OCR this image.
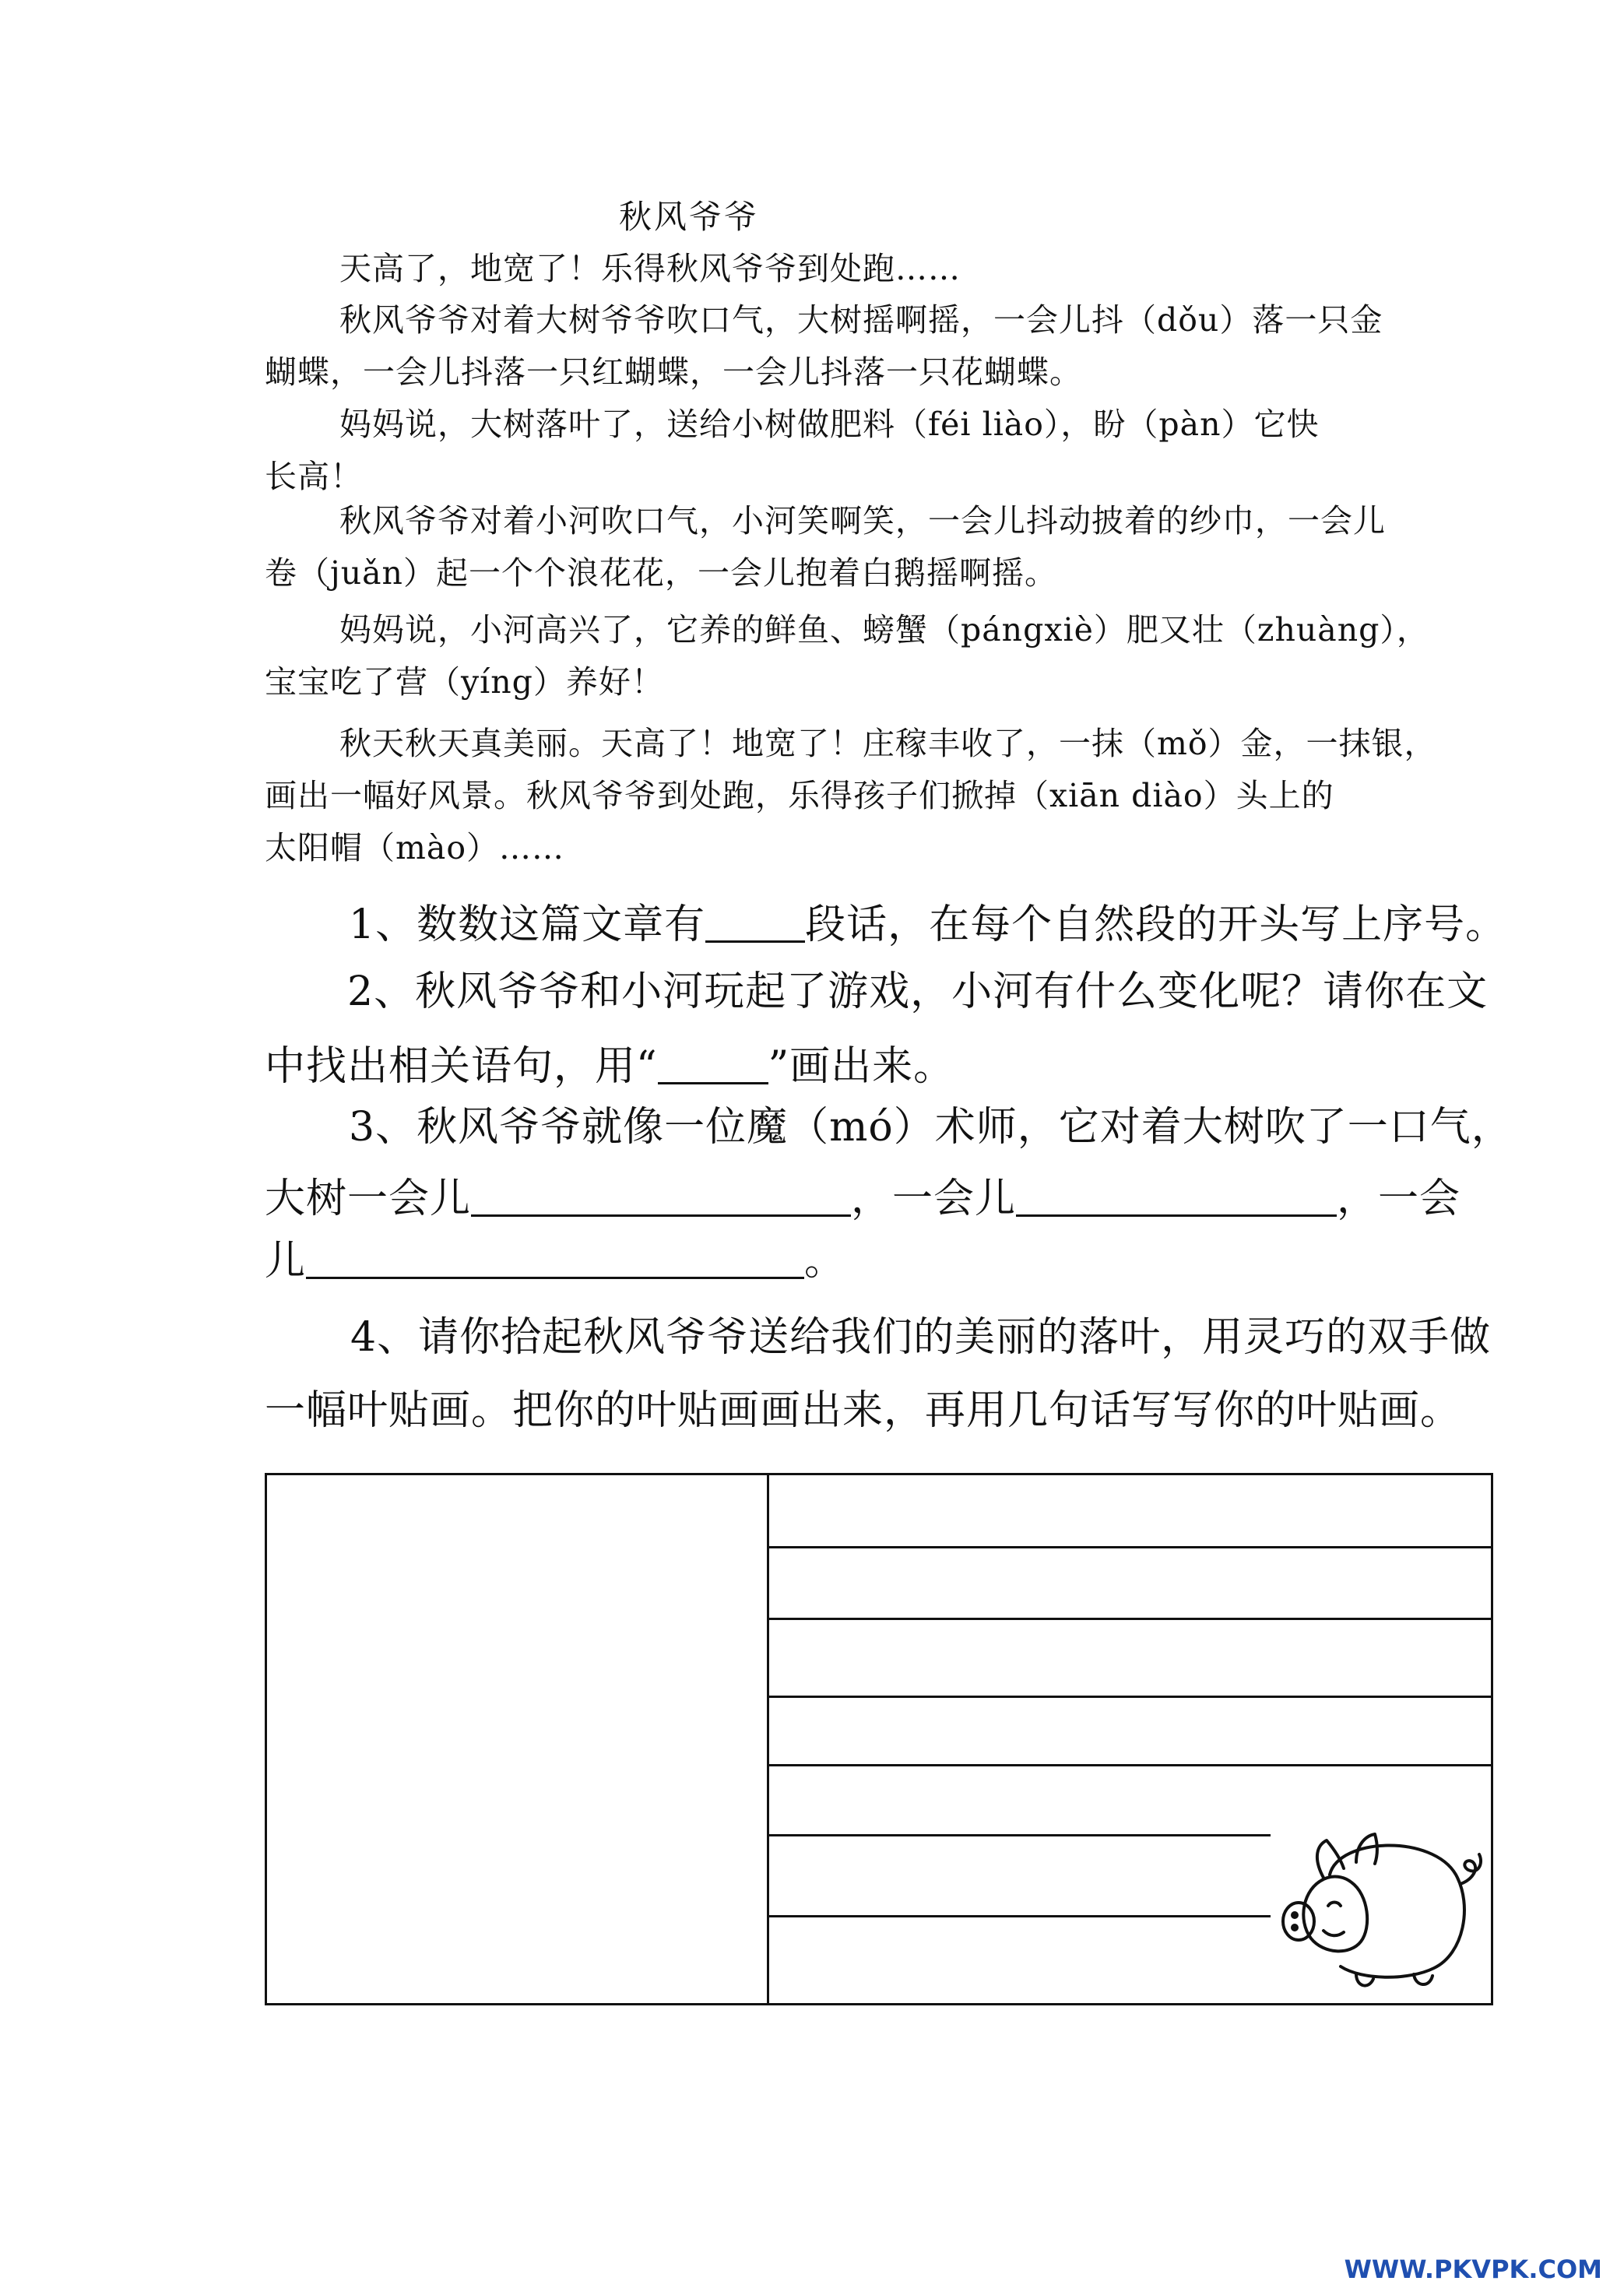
秋风爷爷
天高了，地宽了！乐得秋风爷爷到处跑……
秋风爷爷对着大树爷爷吹口气，大树摇啊摇，一会儿抖（dǒu）落一只金
蝴蝶，一会儿抖落一只红蝴蝶，一会儿抖落一只花蝴蝶。
妈妈说，大树落叶了，送给小树做肥料（féi liào），盼（pàn）它快
长高！
秋风爷爷对着小河吹口气，小河笑啊笑，一会儿抖动披着的纱巾，一会儿
卷（juǎn）起一个个浪花花，一会儿抱着白鹅摇啊摇。
妈妈说，小河高兴了，它养的鲜鱼、螃蟹（pángxiè）肥又壮（zhuàng），
宝宝吃了营（yíng）养好！
秋天秋天真美丽。天高了！地宽了！庄稼丰收了，一抹（mǒ）金，一抹银，
画出一幅好风景。秋风爷爷到处跑，乐得孩子们掀掉（xiān diào）头上的
太阳帽（mào）……
1、数数这篇文章有 段话，在每个自然段的开头写上序号。
2、秋风爷爷和小河玩起了游戏，小河有什么变化呢？请你在文
中找出相关语句，用“	”画出来。
3、秋风爷爷就像一位魔（mó）术师，它对着大树吹了一口气，
大树一会儿	，一会儿	，一会
儿	。
4、请你拾起秋风爷爷送给我们的美丽的落叶，用灵巧的双手做
一幅叶贴画。把你的叶贴画画出来，再用几句话写写你的叶贴画。
WWW.PKVPK.COM
